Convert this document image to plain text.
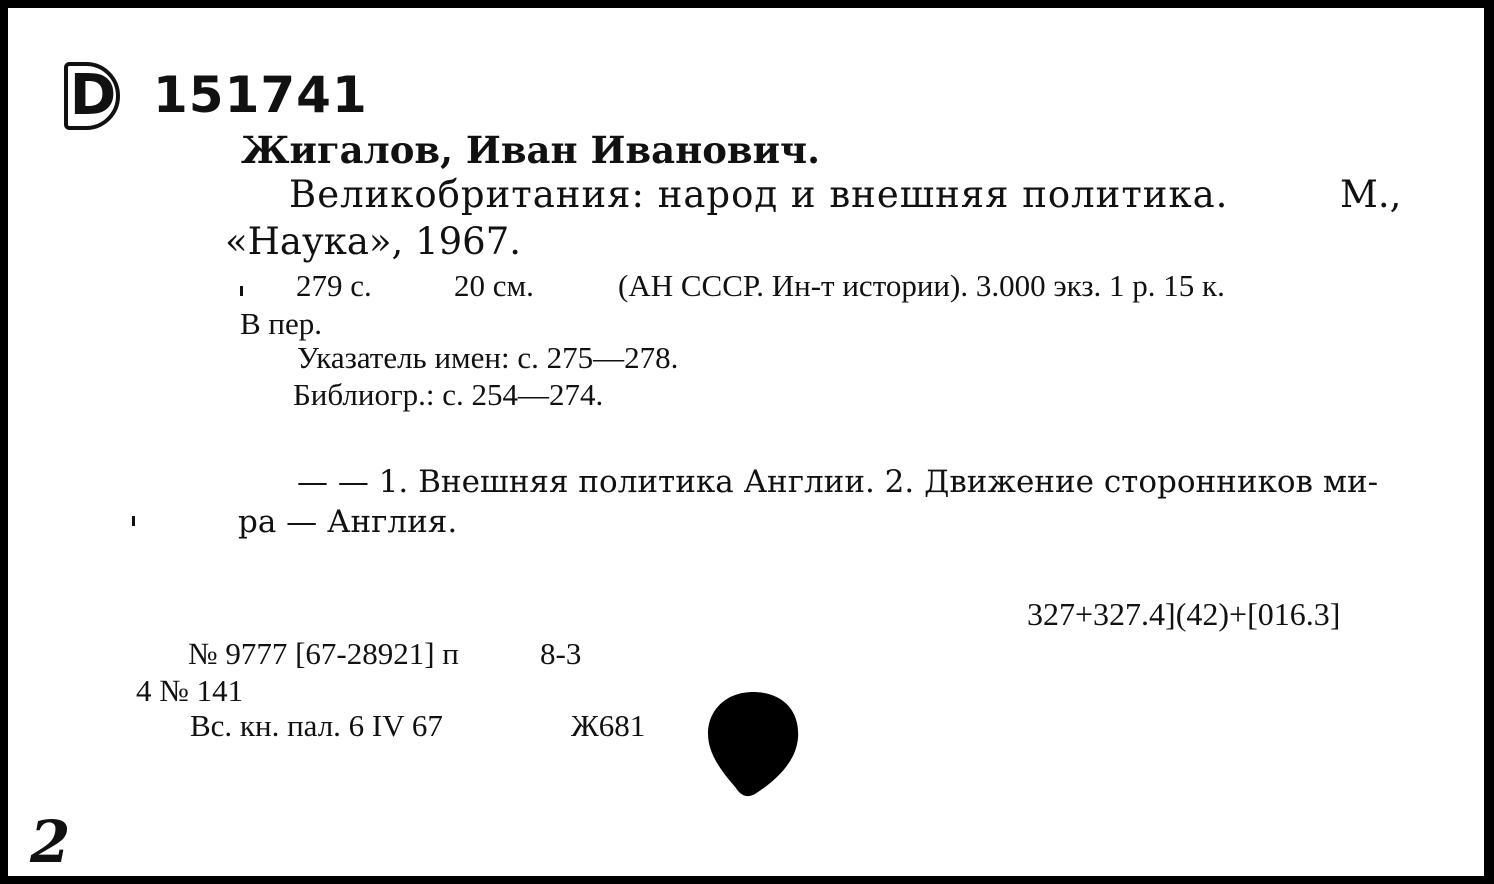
D 151741
Жигалов, Иван Иванович.
Великобритания: народ и внешняя политика.	М.,
«Наука», 1967.
279 с.	20 см.	(АН СССР. Ин-т истории). 3.000 экз. 1 р. 15 к.
В пер.
Указатель имен: с. 275—278.
Библиогр.: с. 254—274.
— — 1. Внешняя политика Англии. 2. Движение сторонников ми-
ра — Англия.
327+327.4](42)+[016.3]
№ 9777 [67-28921] п	8-3
4 № 141
Вс. кн. пал. 6 IV 67	Ж681
2
